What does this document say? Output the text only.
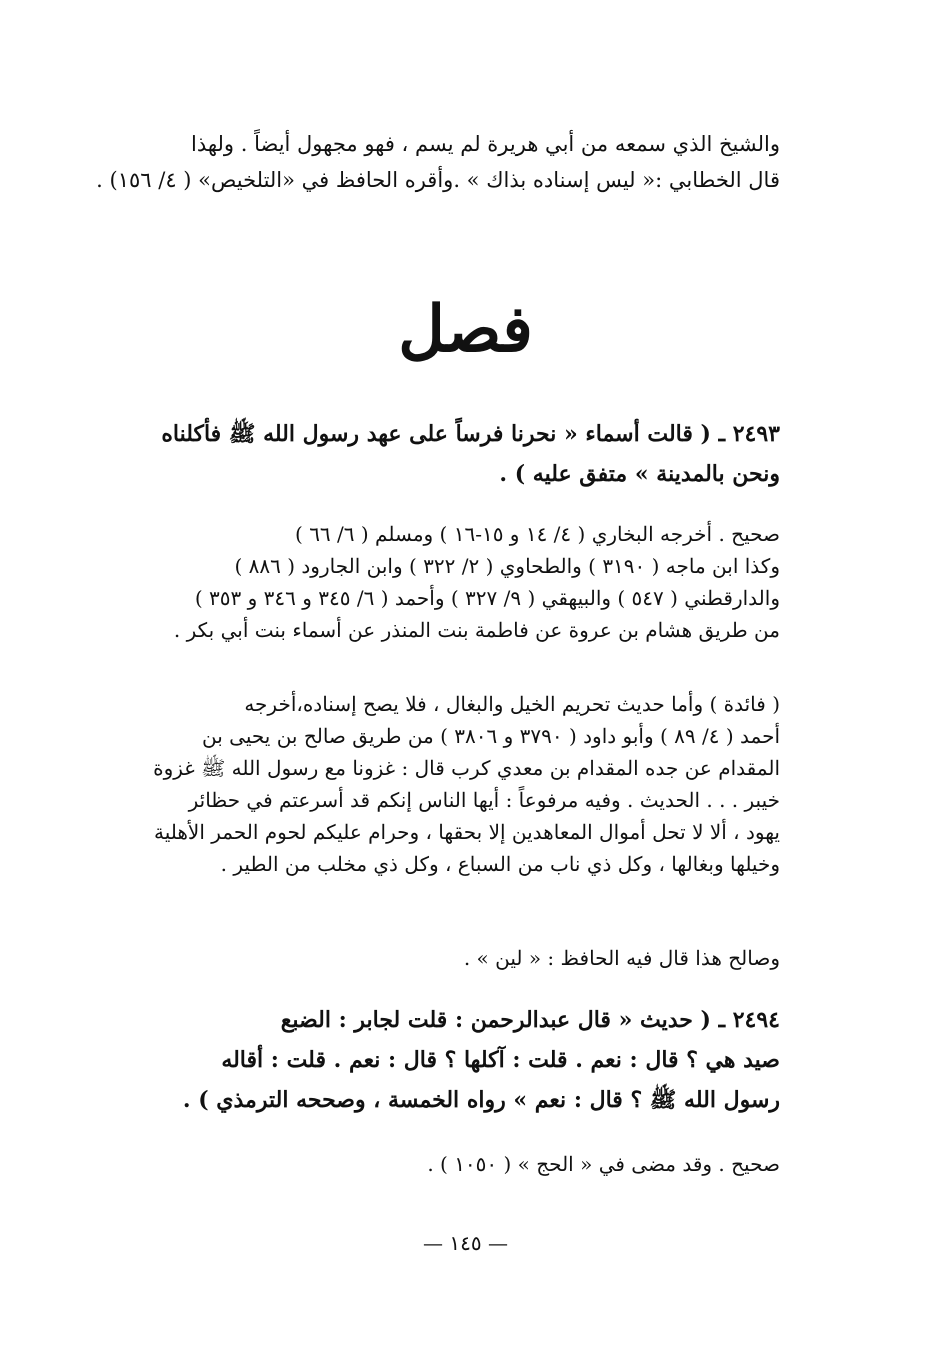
والشيخ الذي سمعه من أبي هريرة لم يسم ، فهو مجهول أيضاً . ولهذا
قال الخطابي :« ليس إسناده بذاك » .وأقره الحافظ في «التلخيص» ( ٤/ ١٥٦) .
فصل
٢٤٩٣ ـ ( قالت أسماء « نحرنا فرساً على عهد رسول الله ﷺ فأكلناه
ونحن بالمدينة » متفق عليه ) .
صحيح . أخرجه البخاري ( ٤/ ١٤ و ١٥-١٦ ) ومسلم ( ٦/ ٦٦ )
وكذا ابن ماجه ( ٣١٩٠ ) والطحاوي ( ٢/ ٣٢٢ ) وابن الجارود ( ٨٨٦ )
والدارقطني ( ٥٤٧ ) والبيهقي ( ٩/ ٣٢٧ ) وأحمد ( ٦/ ٣٤٥ و ٣٤٦ و ٣٥٣ )
من طريق هشام بن عروة عن فاطمة بنت المنذر عن أسماء بنت أبي بكر .
( فائدة ) وأما حديث تحريم الخيل والبغال ، فلا يصح إسناده،أخرجه
أحمد ( ٤/ ٨٩ ) وأبو داود ( ٣٧٩٠ و ٣٨٠٦ ) من طريق صالح بن يحيى بن
المقدام عن جده المقدام بن معدي كرب قال : غزونا مع رسول الله ﷺ غزوة
خيبر . . . الحديث . وفيه مرفوعاً : أيها الناس إنكم قد أسرعتم في حظائر
يهود ، ألا لا تحل أموال المعاهدين إلا بحقها ، وحرام عليكم لحوم الحمر الأهلية
وخيلها وبغالها ، وكل ذي ناب من السباع ، وكل ذي مخلب من الطير .
وصالح هذا قال فيه الحافظ : « لين » .
٢٤٩٤ ـ ( حديث « قال عبدالرحمن : قلت لجابر : الضبع
صيد هي ؟ قال : نعم . قلت : آكلها ؟ قال : نعم . قلت : أقاله
رسول الله ﷺ ؟ قال : نعم » رواه الخمسة ، وصححه الترمذي ) .
صحيح . وقد مضى في « الحج » ( ١٠٥٠ ) .
— ١٤٥ —
